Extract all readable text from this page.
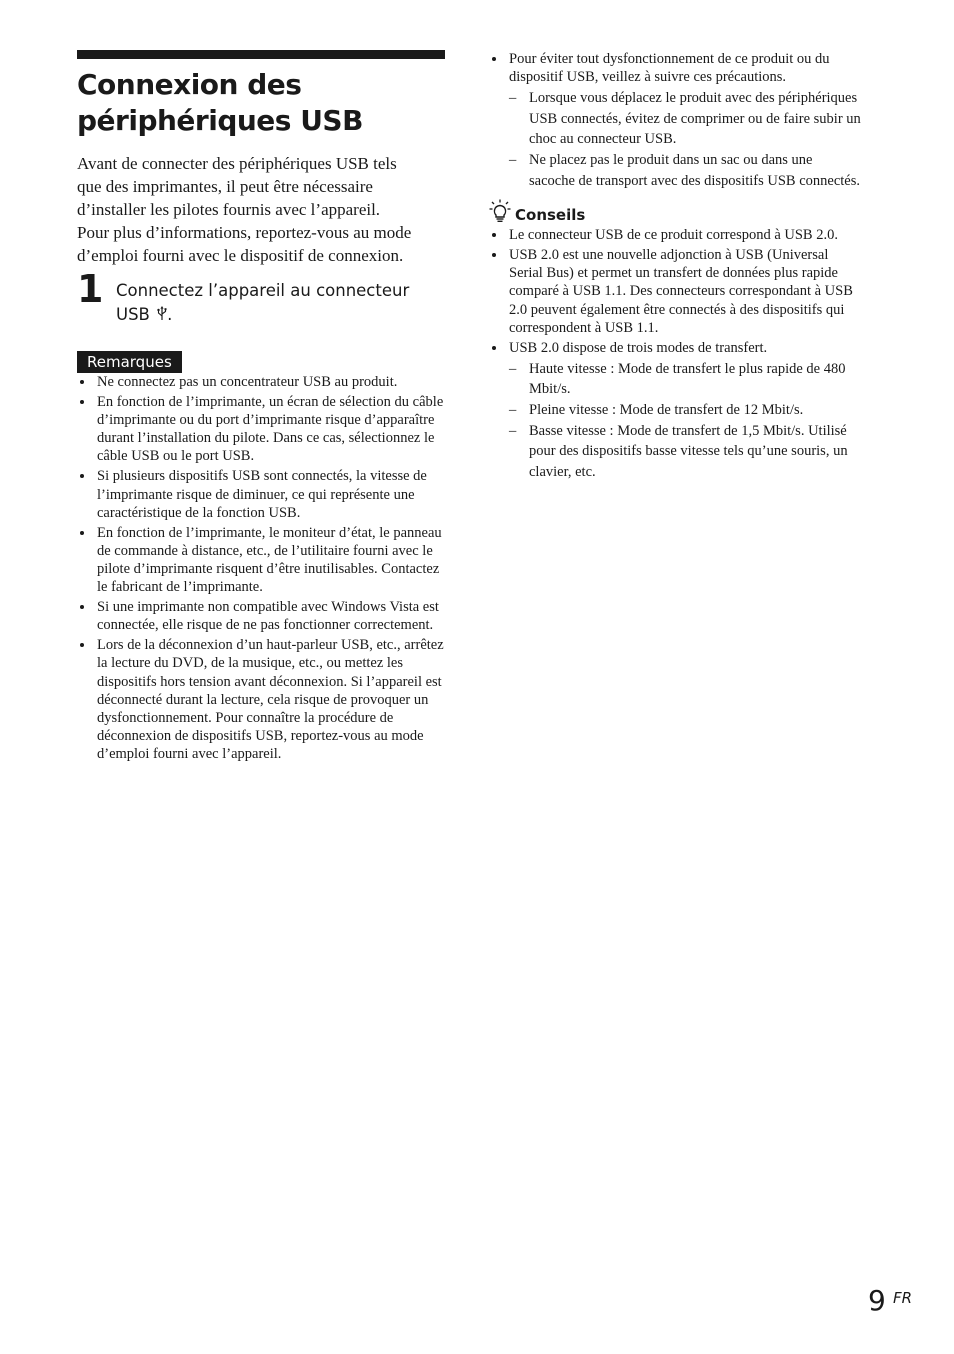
Connexion des
périphériques USB

Avant de connecter des périphériques USB tels

que des imprimantes, il peut être nécessaire

d’installer les pilotes fournis avec l’appareil.

Pour plus d’informations, reportez-vous au mode

d’emploi fourni avec le dispositif de connexion.

1 Connectez l’appareil au connecteur
USB .
Remarques
Ne connectez pas un concentrateur USB au produit.
En fonction de l’imprimante, un écran de sélection du câble d’imprimante ou du port d’imprimante risque d’apparaître durant l’installation du pilote. Dans ce cas, sélectionnez le câble USB ou le port USB.
Si plusieurs dispositifs USB sont connectés, la vitesse de l’imprimante risque de diminuer, ce qui représente une caractéristique de la fonction USB.
En fonction de l’imprimante, le moniteur d’état, le panneau de commande à distance, etc., de l’utilitaire fourni avec le pilote d’imprimante risquent d’être inutilisables. Contactez le fabricant de l’imprimante.
Si une imprimante non compatible avec Windows Vista est connectée, elle risque de ne pas fonctionner correctement.
Lors de la déconnexion d’un haut-parleur USB, etc., arrêtez la lecture du DVD, de la musique, etc., ou mettez les dispositifs hors tension avant déconnexion. Si l’appareil est déconnecté durant la lecture, cela risque de provoquer un dysfonctionnement. Pour connaître la procédure de déconnexion de dispositifs USB, reportez-vous au mode d’emploi fourni avec l’appareil.
Pour éviter tout dysfonctionnement de ce produit ou du dispositif USB, veillez à suivre ces précautions.
– Lorsque vous déplacez le produit avec des périphériques USB connectés, évitez de comprimer ou de faire subir un choc au connecteur USB.
– Ne placez pas le produit dans un sac ou dans une sacoche de transport avec des dispositifs USB connectés.
Conseils
Le connecteur USB de ce produit correspond à USB 2.0.
USB 2.0 est une nouvelle adjonction à USB (Universal Serial Bus) et permet un transfert de données plus rapide comparé à USB 1.1. Des connecteurs correspondant à USB 2.0 peuvent également être connectés à des dispositifs qui correspondent à USB 1.1.
USB 2.0 dispose de trois modes de transfert.
– Haute vitesse : Mode de transfert le plus rapide de 480 Mbit/s.
– Pleine vitesse : Mode de transfert de 12 Mbit/s.
– Basse vitesse : Mode de transfert de 1,5 Mbit/s. Utilisé pour des dispositifs basse vitesse tels qu’une souris, un clavier, etc.
9 FR
